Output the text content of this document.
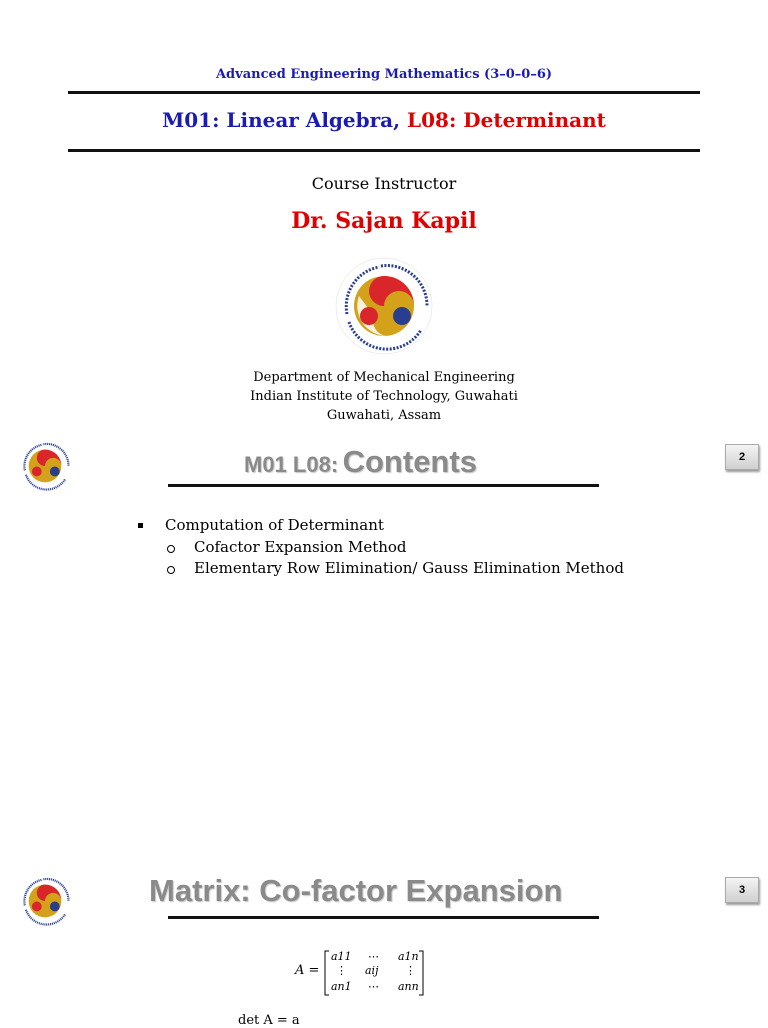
Advanced Engineering Mathematics (3–0–0–6)
M01: Linear Algebra, L08: Determinant
Course Instructor
Dr. Sajan Kapil
Department of Mechanical Engineering
Indian Institute of Technology, Guwahati
Guwahati, Assam
M01 L08: Contents	2
Computation of Determinant
Cofactor Expansion Method
Elementary Row Elimination/ Gauss Elimination Method
Matrix: Co-factor Expansion	3
A =
a11 ⋯ a1n
⋮ aij ⋮
an1 ⋯ ann
det A = a
